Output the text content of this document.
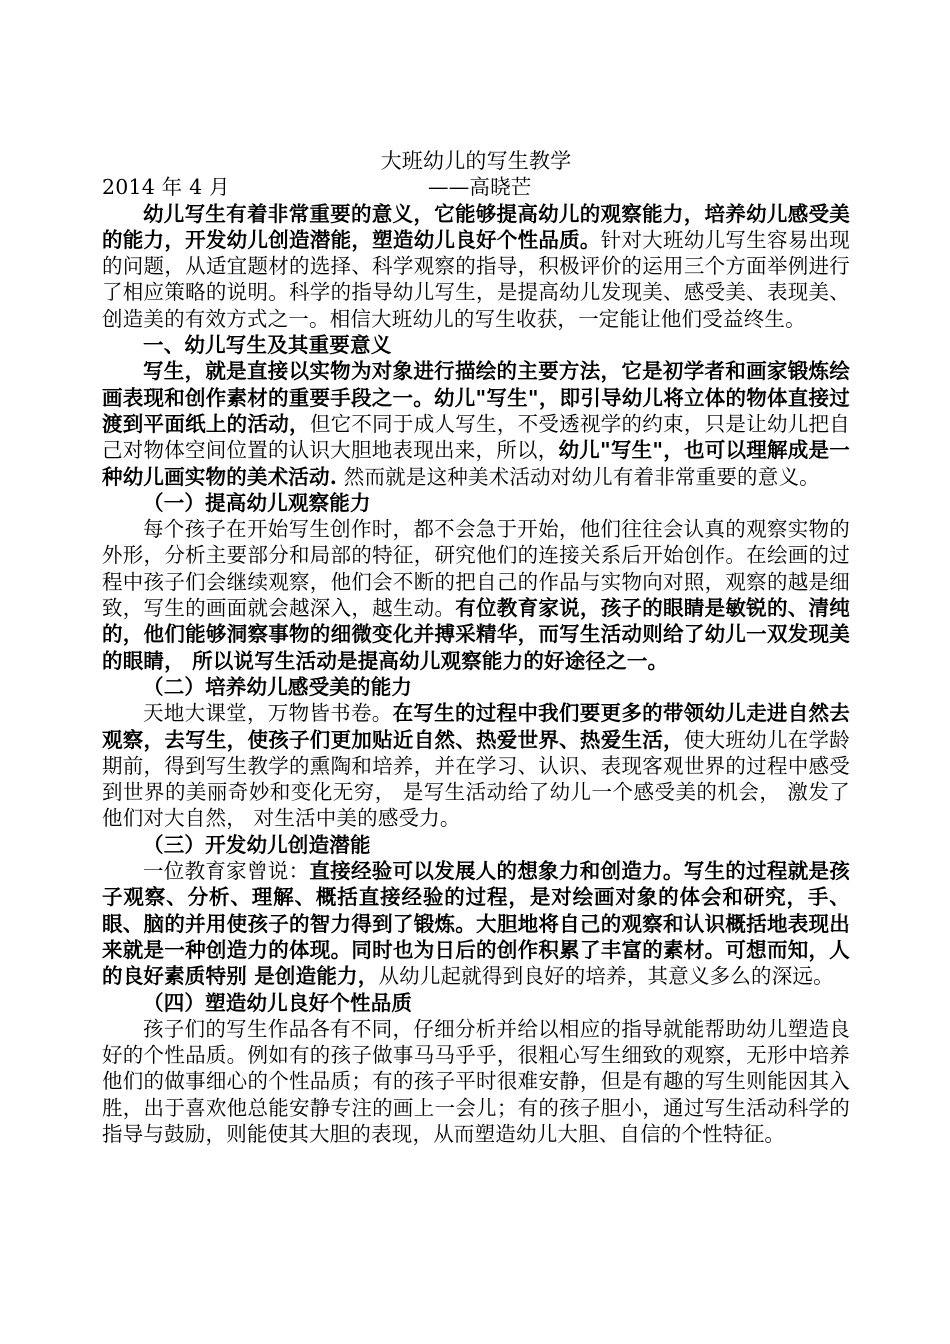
大班幼儿的写生教学
2014 年 4 月	——高晓芒

幼儿写生有着非常重要的意义，它能够提高幼儿的观察能力，培养幼儿感受美的能力，开发幼儿创造潜能，塑造幼儿良好个性品质。针对大班幼儿写生容易出现的问题，从适宜题材的选择、科学观察的指导，积极评价的运用三个方面举例进行了相应策略的说明。科学的指导幼儿写生，是提高幼儿发现美、感受美、表现美、创造美的有效方式之一。相信大班幼儿的写生收获，一定能让他们受益终生。

一、幼儿写生及其重要意义

写生，就是直接以实物为对象进行描绘的主要方法，它是初学者和画家锻炼绘画表现和创作素材的重要手段之一。幼儿"写生"，即引导幼儿将立体的物体直接过渡到平面纸上的活动，但它不同于成人写生，不受透视学的约束，只是让幼儿把自己对物体空间位置的认识大胆地表现出来，所以，幼儿"写生"，也可以理解成是一种幼儿画实物的美术活动. 然而就是这种美术活动对幼儿有着非常重要的意义。

（一）提高幼儿观察能力

每个孩子在开始写生创作时，都不会急于开始，他们往往会认真的观察实物的外形，分析主要部分和局部的特征，研究他们的连接关系后开始创作。在绘画的过程中孩子们会继续观察，他们会不断的把自己的作品与实物向对照，观察的越是细致，写生的画面就会越深入，越生动。有位教育家说，孩子的眼睛是敏锐的、清纯的，他们能够洞察事物的细微变化并搏采精华，而写生活动则给了幼儿一双发现美的眼睛， 所以说写生活动是提高幼儿观察能力的好途径之一。

（二）培养幼儿感受美的能力

天地大课堂，万物皆书卷。在写生的过程中我们要更多的带领幼儿走进自然去观察，去写生，使孩子们更加贴近自然、热爱世界、热爱生活，使大班幼儿在学龄期前，得到写生教学的熏陶和培养，并在学习、认识、表现客观世界的过程中感受到世界的美丽奇妙和变化无穷， 是写生活动给了幼儿一个感受美的机会， 激发了他们对大自然， 对生活中美的感受力。

（三）开发幼儿创造潜能

一位教育家曾说：直接经验可以发展人的想象力和创造力。写生的过程就是孩子观察、分析、理解、概括直接经验的过程，是对绘画对象的体会和研究，手、眼、脑的并用使孩子的智力得到了锻炼。大胆地将自己的观察和认识概括地表现出来就是一种创造力的体现。同时也为日后的创作积累了丰富的素材。可想而知，人的良好素质特别 是创造能力，从幼儿起就得到良好的培养，其意义多么的深远。

（四）塑造幼儿良好个性品质

孩子们的写生作品各有不同，仔细分析并给以相应的指导就能帮助幼儿塑造良好的个性品质。例如有的孩子做事马马乎乎，很粗心写生细致的观察，无形中培养他们的做事细心的个性品质；有的孩子平时很难安静，但是有趣的写生则能因其入胜，出于喜欢他总能安静专注的画上一会儿；有的孩子胆小，通过写生活动科学的指导与鼓励，则能使其大胆的表现，从而塑造幼儿大胆、自信的个性特征。
